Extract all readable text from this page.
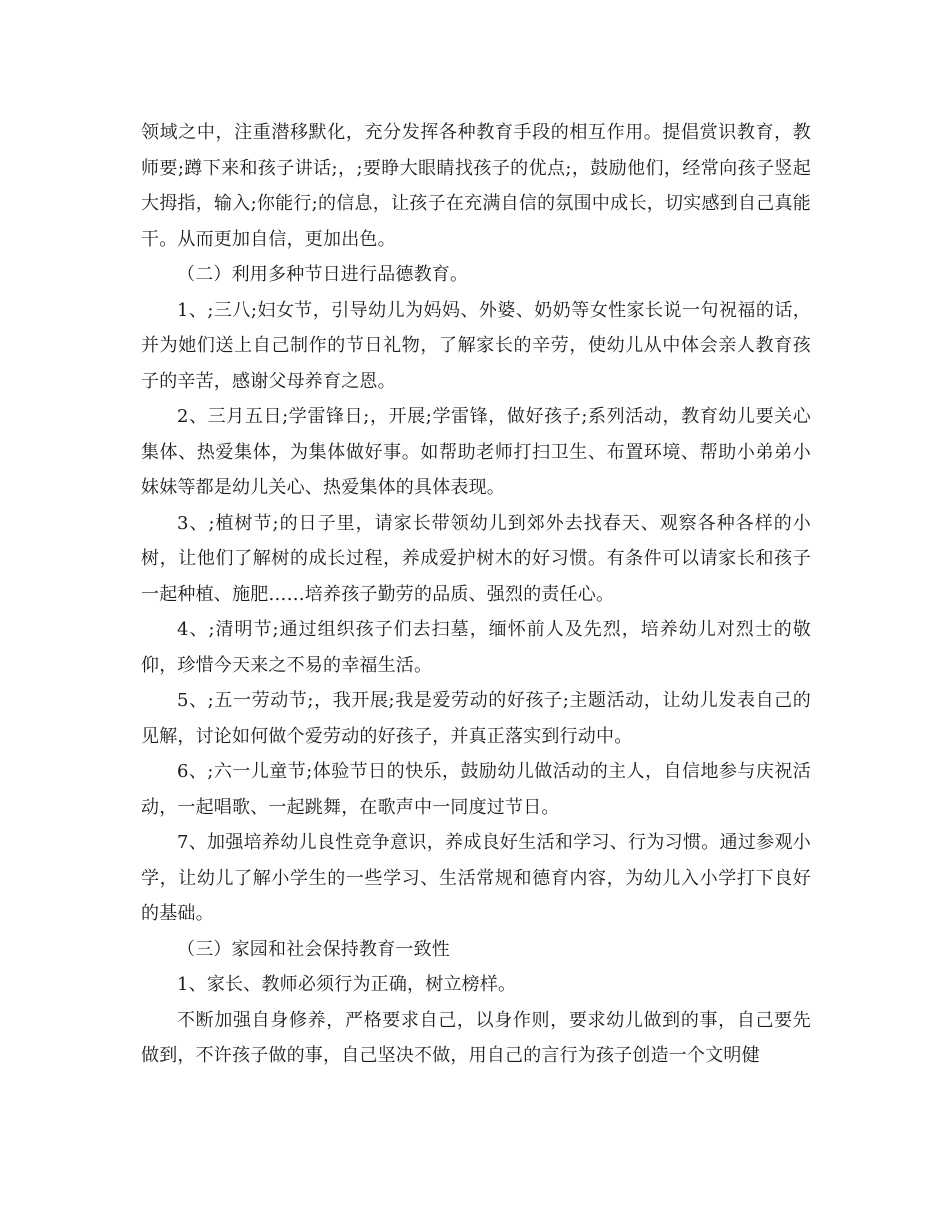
领域之中，注重潜移默化，充分发挥各种教育手段的相互作用。提倡赏识教育，教师要;蹲下来和孩子讲话;，;要睁大眼睛找孩子的优点;，鼓励他们，经常向孩子竖起大拇指，输入;你能行;的信息，让孩子在充满自信的氛围中成长，切实感到自己真能干。从而更加自信，更加出色。

（二）利用多种节日进行品德教育。

1、;三八;妇女节，引导幼儿为妈妈、外婆、奶奶等女性家长说一句祝福的话，并为她们送上自己制作的节日礼物，了解家长的辛劳，使幼儿从中体会亲人教育孩子的辛苦，感谢父母养育之恩。

2、三月五日;学雷锋日;，开展;学雷锋，做好孩子;系列活动，教育幼儿要关心集体、热爱集体，为集体做好事。如帮助老师打扫卫生、布置环境、帮助小弟弟小妹妹等都是幼儿关心、热爱集体的具体表现。

3、;植树节;的日子里，请家长带领幼儿到郊外去找春天、观察各种各样的小树，让他们了解树的成长过程，养成爱护树木的好习惯。有条件可以请家长和孩子一起种植、施肥……培养孩子勤劳的品质、强烈的责任心。

4、;清明节;通过组织孩子们去扫墓，缅怀前人及先烈，培养幼儿对烈士的敬仰，珍惜今天来之不易的幸福生活。

5、;五一劳动节;，我开展;我是爱劳动的好孩子;主题活动，让幼儿发表自己的见解，讨论如何做个爱劳动的好孩子，并真正落实到行动中。

6、;六一儿童节;体验节日的快乐，鼓励幼儿做活动的主人，自信地参与庆祝活动，一起唱歌、一起跳舞，在歌声中一同度过节日。

7、加强培养幼儿良性竞争意识，养成良好生活和学习、行为习惯。通过参观小学，让幼儿了解小学生的一些学习、生活常规和德育内容，为幼儿入小学打下良好的基础。

（三）家园和社会保持教育一致性

1、家长、教师必须行为正确，树立榜样。

不断加强自身修养，严格要求自己，以身作则，要求幼儿做到的事，自己要先做到，不许孩子做的事，自己坚决不做，用自己的言行为孩子创造一个文明健
